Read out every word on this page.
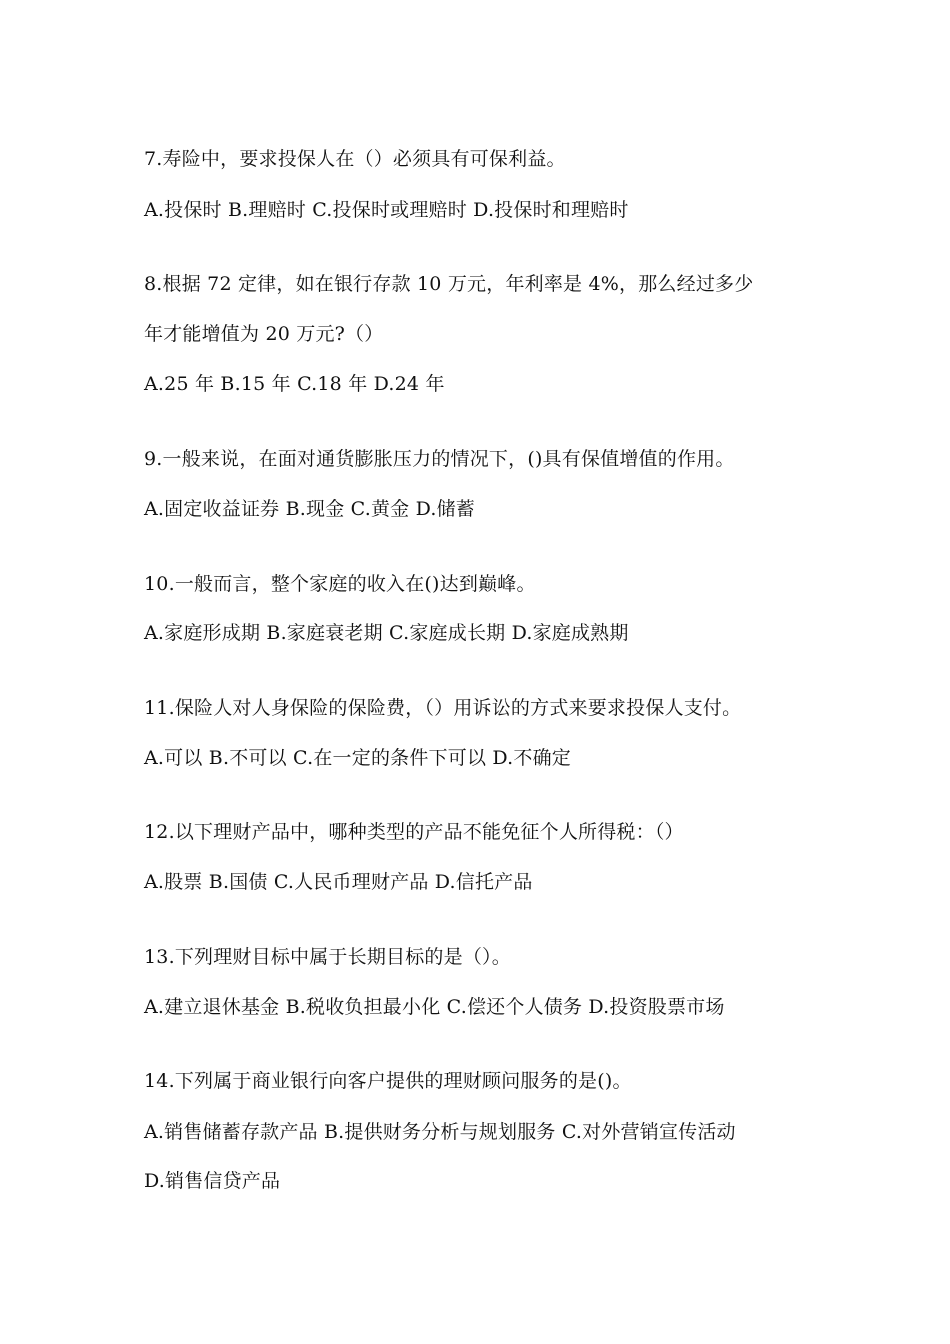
7.寿险中，要求投保人在（）必须具有可保利益。
A.投保时 B.理赔时 C.投保时或理赔时 D.投保时和理赔时
8.根据 72 定律，如在银行存款 10 万元，年利率是 4%，那么经过多少
年才能增值为 20 万元?（）
A.25 年 B.15 年 C.18 年 D.24 年
9.一般来说，在面对通货膨胀压力的情况下，()具有保值增值的作用。
A.固定收益证券 B.现金 C.黄金 D.储蓄
10.一般而言，整个家庭的收入在()达到巅峰。
A.家庭形成期 B.家庭衰老期 C.家庭成长期 D.家庭成熟期
11.保险人对人身保险的保险费，（）用诉讼的方式来要求投保人支付。
A.可以 B.不可以 C.在一定的条件下可以 D.不确定
12.以下理财产品中，哪种类型的产品不能免征个人所得税：（）
A.股票 B.国债 C.人民币理财产品 D.信托产品
13.下列理财目标中属于长期目标的是（）。
A.建立退休基金 B.税收负担最小化 C.偿还个人债务 D.投资股票市场
14.下列属于商业银行向客户提供的理财顾问服务的是()。
A.销售储蓄存款产品 B.提供财务分析与规划服务 C.对外营销宣传活动
D.销售信贷产品
